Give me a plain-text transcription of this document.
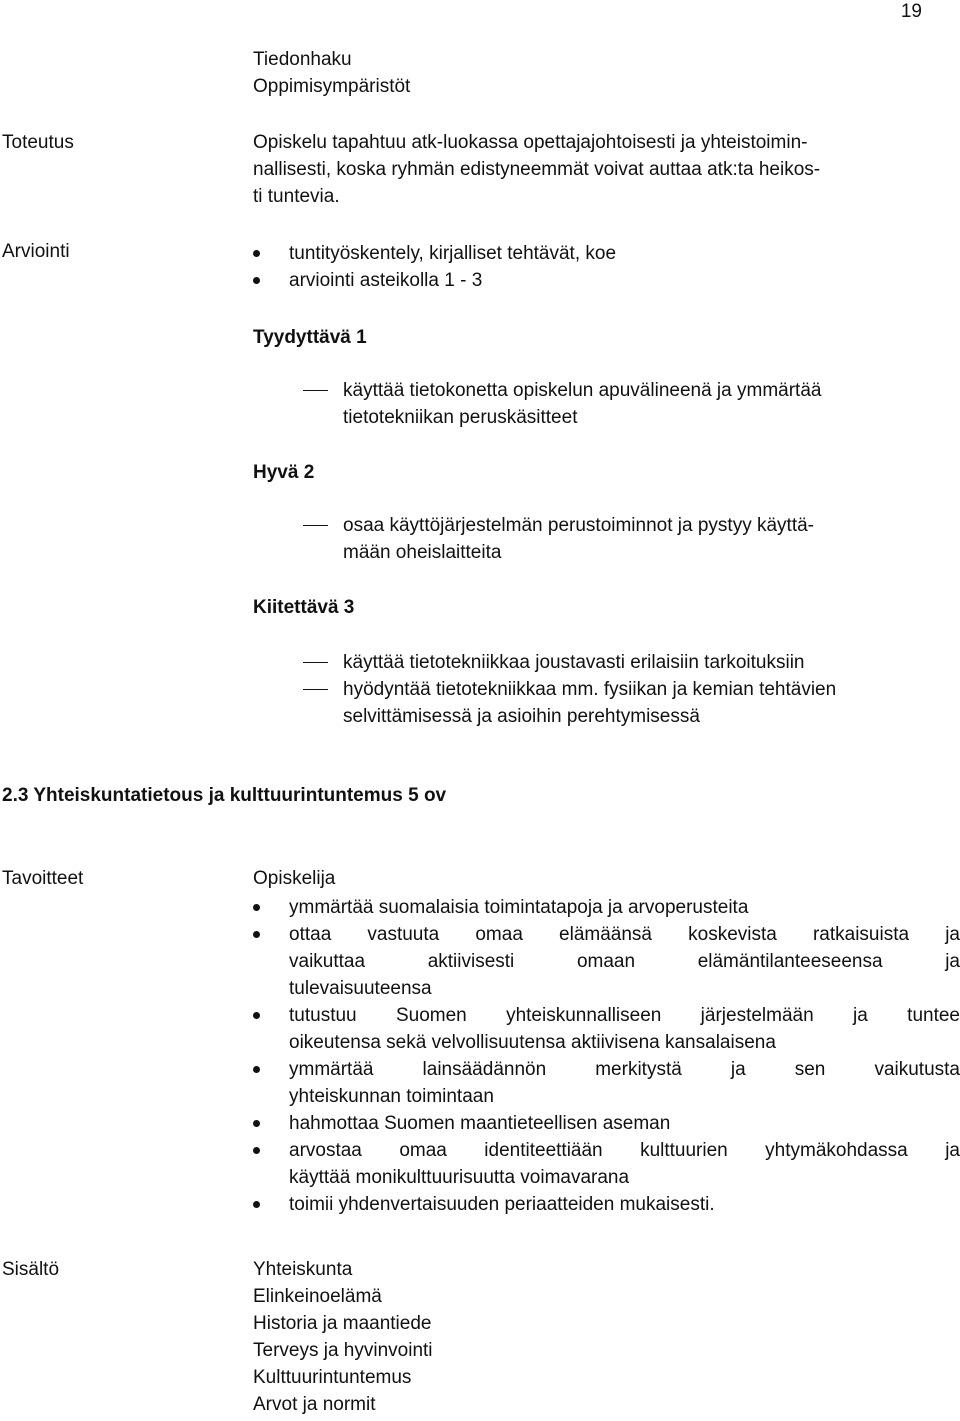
19
Tiedonhaku
Oppimisympäristöt
Toteutus	Opiskelu tapahtuu atk-luokassa opettajajohtoisesti ja yhteistoimin-
nallisesti, koska ryhmän edistyneemmät voivat auttaa atk:ta heikos-
ti tuntevia.
Arviointi	tuntityöskentely, kirjalliset tehtävät, koe
arviointi asteikolla 1 - 3
Tyydyttävä 1
käyttää tietokonetta opiskelun apuvälineenä ja ymmärtää
tietotekniikan peruskäsitteet
Hyvä 2
osaa käyttöjärjestelmän perustoiminnot ja pystyy käyttä-
mään oheislaitteita
Kiitettävä 3
käyttää tietotekniikkaa joustavasti erilaisiin tarkoituksiin
hyödyntää tietotekniikkaa mm. fysiikan ja kemian tehtävien
selvittämisessä ja asioihin perehtymisessä
2.3 Yhteiskuntatietous ja kulttuurintuntemus 5 ov
Tavoitteet	Opiskelija
ymmärtää suomalaisia toimintatapoja ja arvoperusteita
ottaa vastuuta omaa elämäänsä koskevista ratkaisuista ja
vaikuttaa aktiivisesti omaan elämäntilanteeseensa ja
tulevaisuuteensa
tutustuu Suomen yhteiskunnalliseen järjestelmään ja tuntee
oikeutensa sekä velvollisuutensa aktiivisena kansalaisena
ymmärtää lainsäädännön merkitystä ja sen vaikutusta
yhteiskunnan toimintaan
hahmottaa Suomen maantieteellisen aseman
arvostaa omaa identiteettiään kulttuurien yhtymäkohdassa ja
käyttää monikulttuurisuutta voimavarana
toimii yhdenvertaisuuden periaatteiden mukaisesti.
Sisältö	Yhteiskunta
Elinkeinoelämä
Historia ja maantiede
Terveys ja hyvinvointi
Kulttuurintuntemus
Arvot ja normit
